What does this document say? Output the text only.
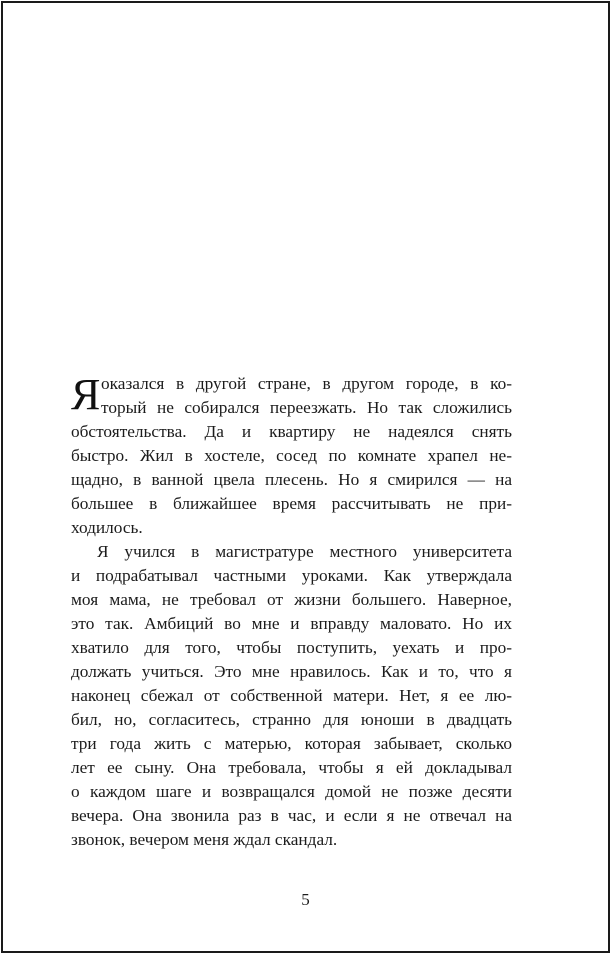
Я оказался в другой стране, в другом городе, в ко-
торый не собирался переезжать. Но так сложились
обстоятельства. Да и квартиру не надеялся снять
быстро. Жил в хостеле, сосед по комнате храпел не-
щадно, в ванной цвела плесень. Но я смирился — на
большее в ближайшее время рассчитывать не при-
ходилось.
Я учился в магистратуре местного университета
и подрабатывал частными уроками. Как утверждала
моя мама, не требовал от жизни большего. Наверное,
это так. Амбиций во мне и вправду маловато. Но их
хватило для того, чтобы поступить, уехать и про-
должать учиться. Это мне нравилось. Как и то, что я
наконец сбежал от собственной матери. Нет, я ее лю-
бил, но, согласитесь, странно для юноши в двадцать
три года жить с матерью, которая забывает, сколько
лет ее сыну. Она требовала, чтобы я ей докладывал
о каждом шаге и возвращался домой не позже десяти
вечера. Она звонила раз в час, и если я не отвечал на
звонок, вечером меня ждал скандал.
5
